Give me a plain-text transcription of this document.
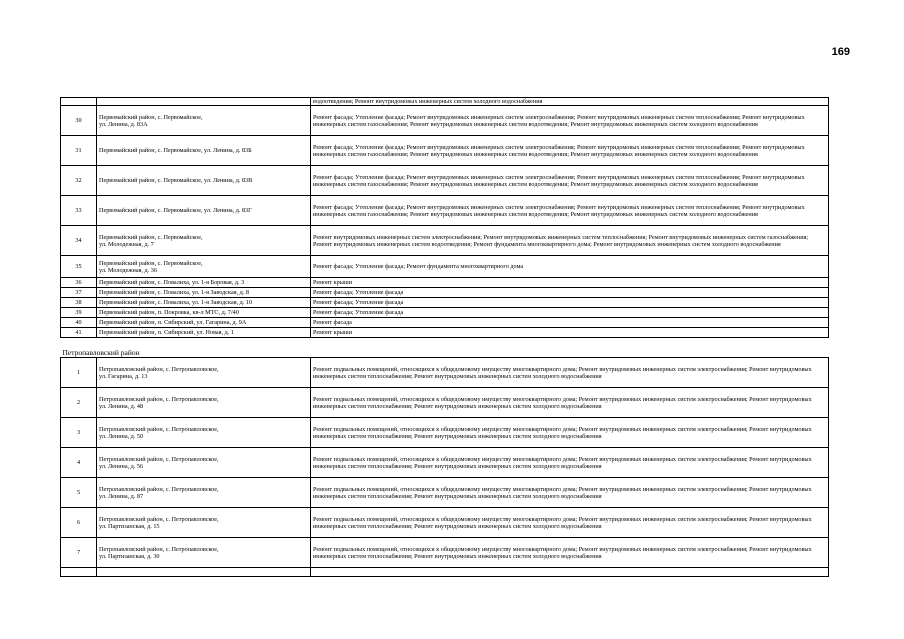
169
		водоотведения; Ремонт внутридомовых инженерных систем холодного водоснабжения
30	Первомайский район, с. Первомайское,
ул. Ленина, д. 83А	Ремонт фасада; Утепление фасада; Ремонт внутридомовых инженерных систем электроснабжения; Ремонт внутридомовых инженерных систем теплоснабжения; Ремонт внутридомовых инженерных систем газоснабжения; Ремонт внутридомовых инженерных систем водоотведения; Ремонт внутридомовых инженерных систем холодного водоснабжения
31	Первомайский район, с. Первомайское, ул. Ленина, д. 83Б	Ремонт фасада; Утепление фасада; Ремонт внутридомовых инженерных систем электроснабжения; Ремонт внутридомовых инженерных систем теплоснабжения; Ремонт внутридомовых инженерных систем газоснабжения; Ремонт внутридомовых инженерных систем водоотведения; Ремонт внутридомовых инженерных систем холодного водоснабжения
32	Первомайский район, с. Первомайское, ул. Ленина, д. 83В	Ремонт фасада; Утепление фасада; Ремонт внутридомовых инженерных систем электроснабжения; Ремонт внутридомовых инженерных систем теплоснабжения; Ремонт внутридомовых инженерных систем газоснабжения; Ремонт внутридомовых инженерных систем водоотведения; Ремонт внутридомовых инженерных систем холодного водоснабжения
33	Первомайский район, с. Первомайское, ул. Ленина, д. 83Г	Ремонт фасада; Утепление фасада; Ремонт внутридомовых инженерных систем электроснабжения; Ремонт внутридомовых инженерных систем теплоснабжения; Ремонт внутридомовых инженерных систем газоснабжения; Ремонт внутридомовых инженерных систем водоотведения; Ремонт внутридомовых инженерных систем холодного водоснабжения
34	Первомайский район, с. Первомайское,
ул. Молодежная, д. 7	Ремонт внутридомовых инженерных систем электроснабжения; Ремонт внутридомовых инженерных систем теплоснабжения; Ремонт внутридомовых инженерных систем газоснабжения; Ремонт внутридомовых инженерных систем водоотведения; Ремонт фундамента многоквартирного дома; Ремонт внутридомовых инженерных систем холодного водоснабжения
35	Первомайский район, с. Первомайское,
ул. Молодежная, д. 36	Ремонт фасада; Утепление фасада; Ремонт фундамента многоквартирного дома
36	Первомайский район, с. Повалиха, ул. 1-я Боровая, д. 3	Ремонт крыши
37	Первомайский район, с. Повалиха, ул. 1-я Заводская, д. 8	Ремонт фасада; Утепление фасада
38	Первомайский район, с. Повалиха, ул. 1-я Заводская, д. 10	Ремонт фасада; Утепление фасада
39	Первомайский район, п. Покровка, кв-л МТС, д. 7/40	Ремонт фасада; Утепление фасада
40	Первомайский район, п. Сибирский, ул. Гагарина, д. 9А	Ремонт фасада
41	Первомайский район, п. Сибирский, ул. Новая, д. 1	Ремонт крыши
Петропавловский район		
1	Петропавловский район, с. Петропавловское,
ул. Гагарина, д. 13	Ремонт подвальных помещений, относящихся к общедомовому имуществу многоквартирного дома; Ремонт внутридомовых инженерных систем электроснабжения; Ремонт внутридомовых инженерных систем теплоснабжения; Ремонт внутридомовых инженерных систем холодного водоснабжения
2	Петропавловский район, с. Петропавловское,
ул. Ленина, д. 48	Ремонт подвальных помещений, относящихся к общедомовому имуществу многоквартирного дома; Ремонт внутридомовых инженерных систем электроснабжения; Ремонт внутридомовых инженерных систем теплоснабжения; Ремонт внутридомовых инженерных систем холодного водоснабжения
3	Петропавловский район, с. Петропавловское,
ул. Ленина, д. 50	Ремонт подвальных помещений, относящихся к общедомовому имуществу многоквартирного дома; Ремонт внутридомовых инженерных систем электроснабжения; Ремонт внутридомовых инженерных систем теплоснабжения; Ремонт внутридомовых инженерных систем холодного водоснабжения
4	Петропавловский район, с. Петропавловское,
ул. Ленина, д. 56	Ремонт подвальных помещений, относящихся к общедомовому имуществу многоквартирного дома; Ремонт внутридомовых инженерных систем электроснабжения; Ремонт внутридомовых инженерных систем теплоснабжения; Ремонт внутридомовых инженерных систем холодного водоснабжения
5	Петропавловский район, с. Петропавловское,
ул. Ленина, д. 87	Ремонт подвальных помещений, относящихся к общедомовому имуществу многоквартирного дома; Ремонт внутридомовых инженерных систем электроснабжения; Ремонт внутридомовых инженерных систем теплоснабжения; Ремонт внутридомовых инженерных систем холодного водоснабжения
6	Петропавловский район, с. Петропавловское,
ул. Партизанская, д. 15	Ремонт подвальных помещений, относящихся к общедомовому имуществу многоквартирного дома; Ремонт внутридомовых инженерных систем электроснабжения; Ремонт внутридомовых инженерных систем теплоснабжения; Ремонт внутридомовых инженерных систем холодного водоснабжения
7	Петропавловский район, с. Петропавловское,
ул. Партизанская, д. 30	Ремонт подвальных помещений, относящихся к общедомовому имуществу многоквартирного дома; Ремонт внутридомовых инженерных систем электроснабжения; Ремонт внутридомовых инженерных систем теплоснабжения; Ремонт внутридомовых инженерных систем холодного водоснабжения
